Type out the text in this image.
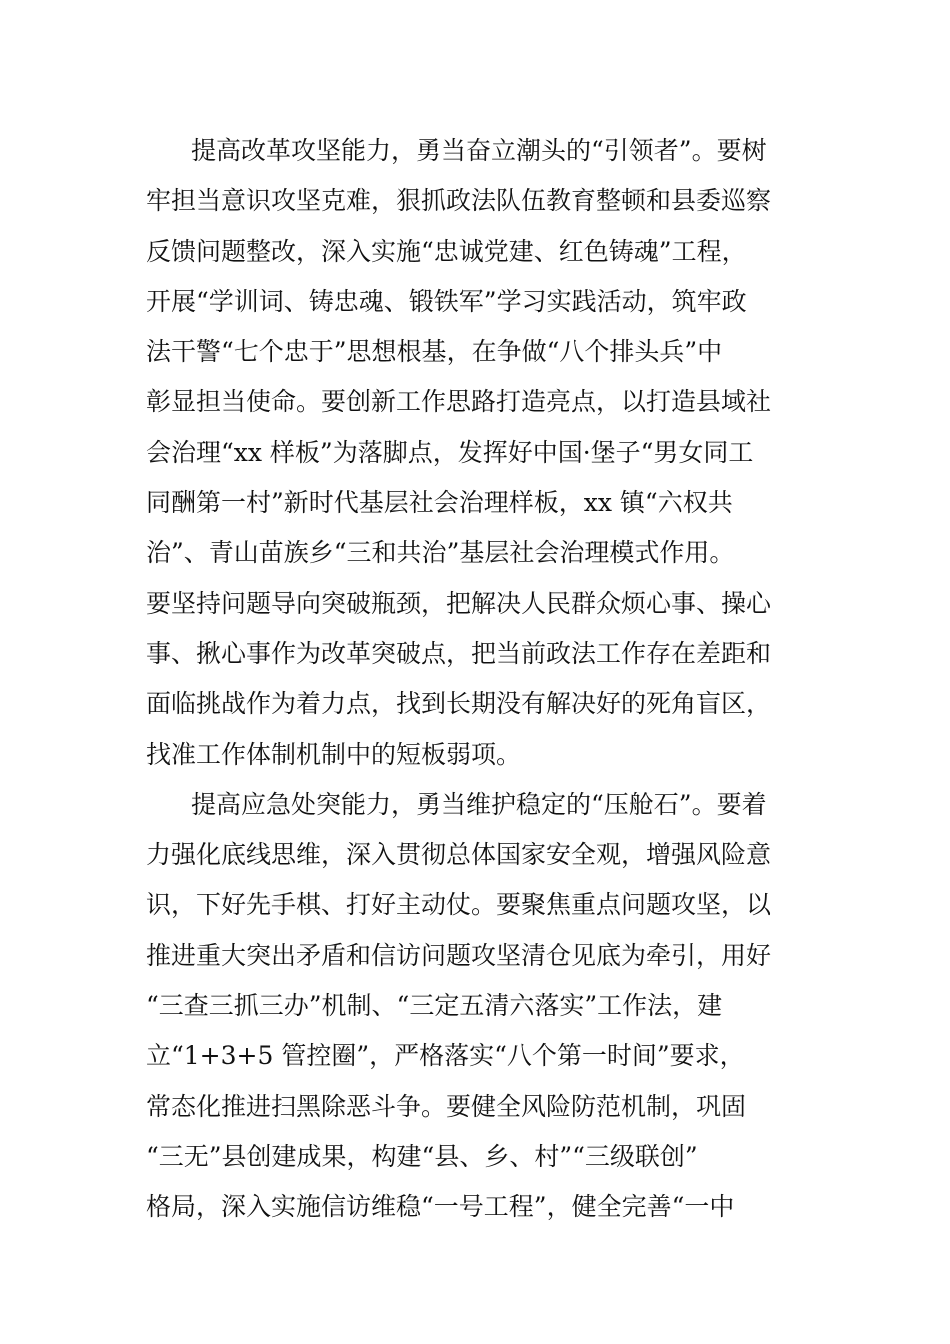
提高改革攻坚能力，勇当奋立潮头的“引领者”。要树
牢担当意识攻坚克难，狠抓政法队伍教育整顿和县委巡察
反馈问题整改，深入实施“忠诚党建、红色铸魂”工程，
开展“学训词、铸忠魂、锻铁军”学习实践活动，筑牢政
法干警“七个忠于”思想根基，在争做“八个排头兵”中
彰显担当使命。要创新工作思路打造亮点，以打造县域社
会治理“xx 样板”为落脚点，发挥好中国·堡子“男女同工
同酬第一村”新时代基层社会治理样板，xx 镇“六权共
治”、青山苗族乡“三和共治”基层社会治理模式作用。
要坚持问题导向突破瓶颈，把解决人民群众烦心事、操心
事、揪心事作为改革突破点，把当前政法工作存在差距和
面临挑战作为着力点，找到长期没有解决好的死角盲区，
找准工作体制机制中的短板弱项。
提高应急处突能力，勇当维护稳定的“压舱石”。要着
力强化底线思维，深入贯彻总体国家安全观，增强风险意
识，下好先手棋、打好主动仗。要聚焦重点问题攻坚，以
推进重大突出矛盾和信访问题攻坚清仓见底为牵引，用好
“三查三抓三办”机制、“三定五清六落实”工作法，建
立“1+3+5 管控圈”，严格落实“八个第一时间”要求，
常态化推进扫黑除恶斗争。要健全风险防范机制，巩固
“三无”县创建成果，构建“县、乡、村”“三级联创”
格局，深入实施信访维稳“一号工程”，健全完善“一中
